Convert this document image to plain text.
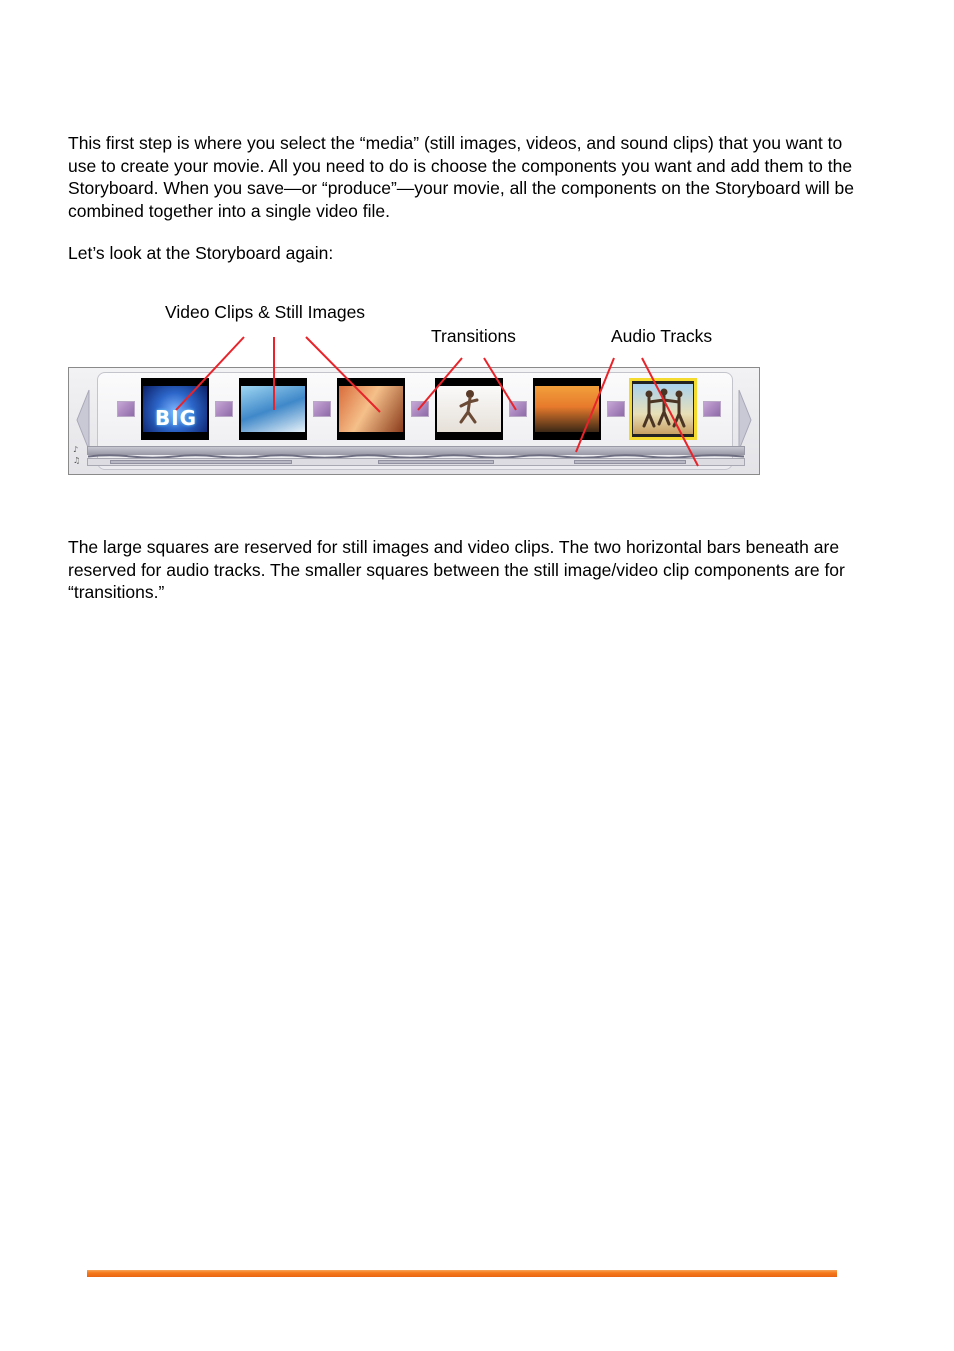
This first step is where you select the “media” (still images, videos, and sound clips) that you want to use to create your movie. All you need to do is choose the components you want and add them to the Storyboard. When you save—or “produce”—your movie, all the components on the Storyboard will be combined together into a single video file.

Let’s look at the Storyboard again:

Video Clips & Still Images
Transitions	Audio Tracks
BIG
♪
♫

The large squares are reserved for still images and video clips. The two horizontal bars beneath are reserved for audio tracks. The smaller squares between the still image/video clip components are for “transitions.”
